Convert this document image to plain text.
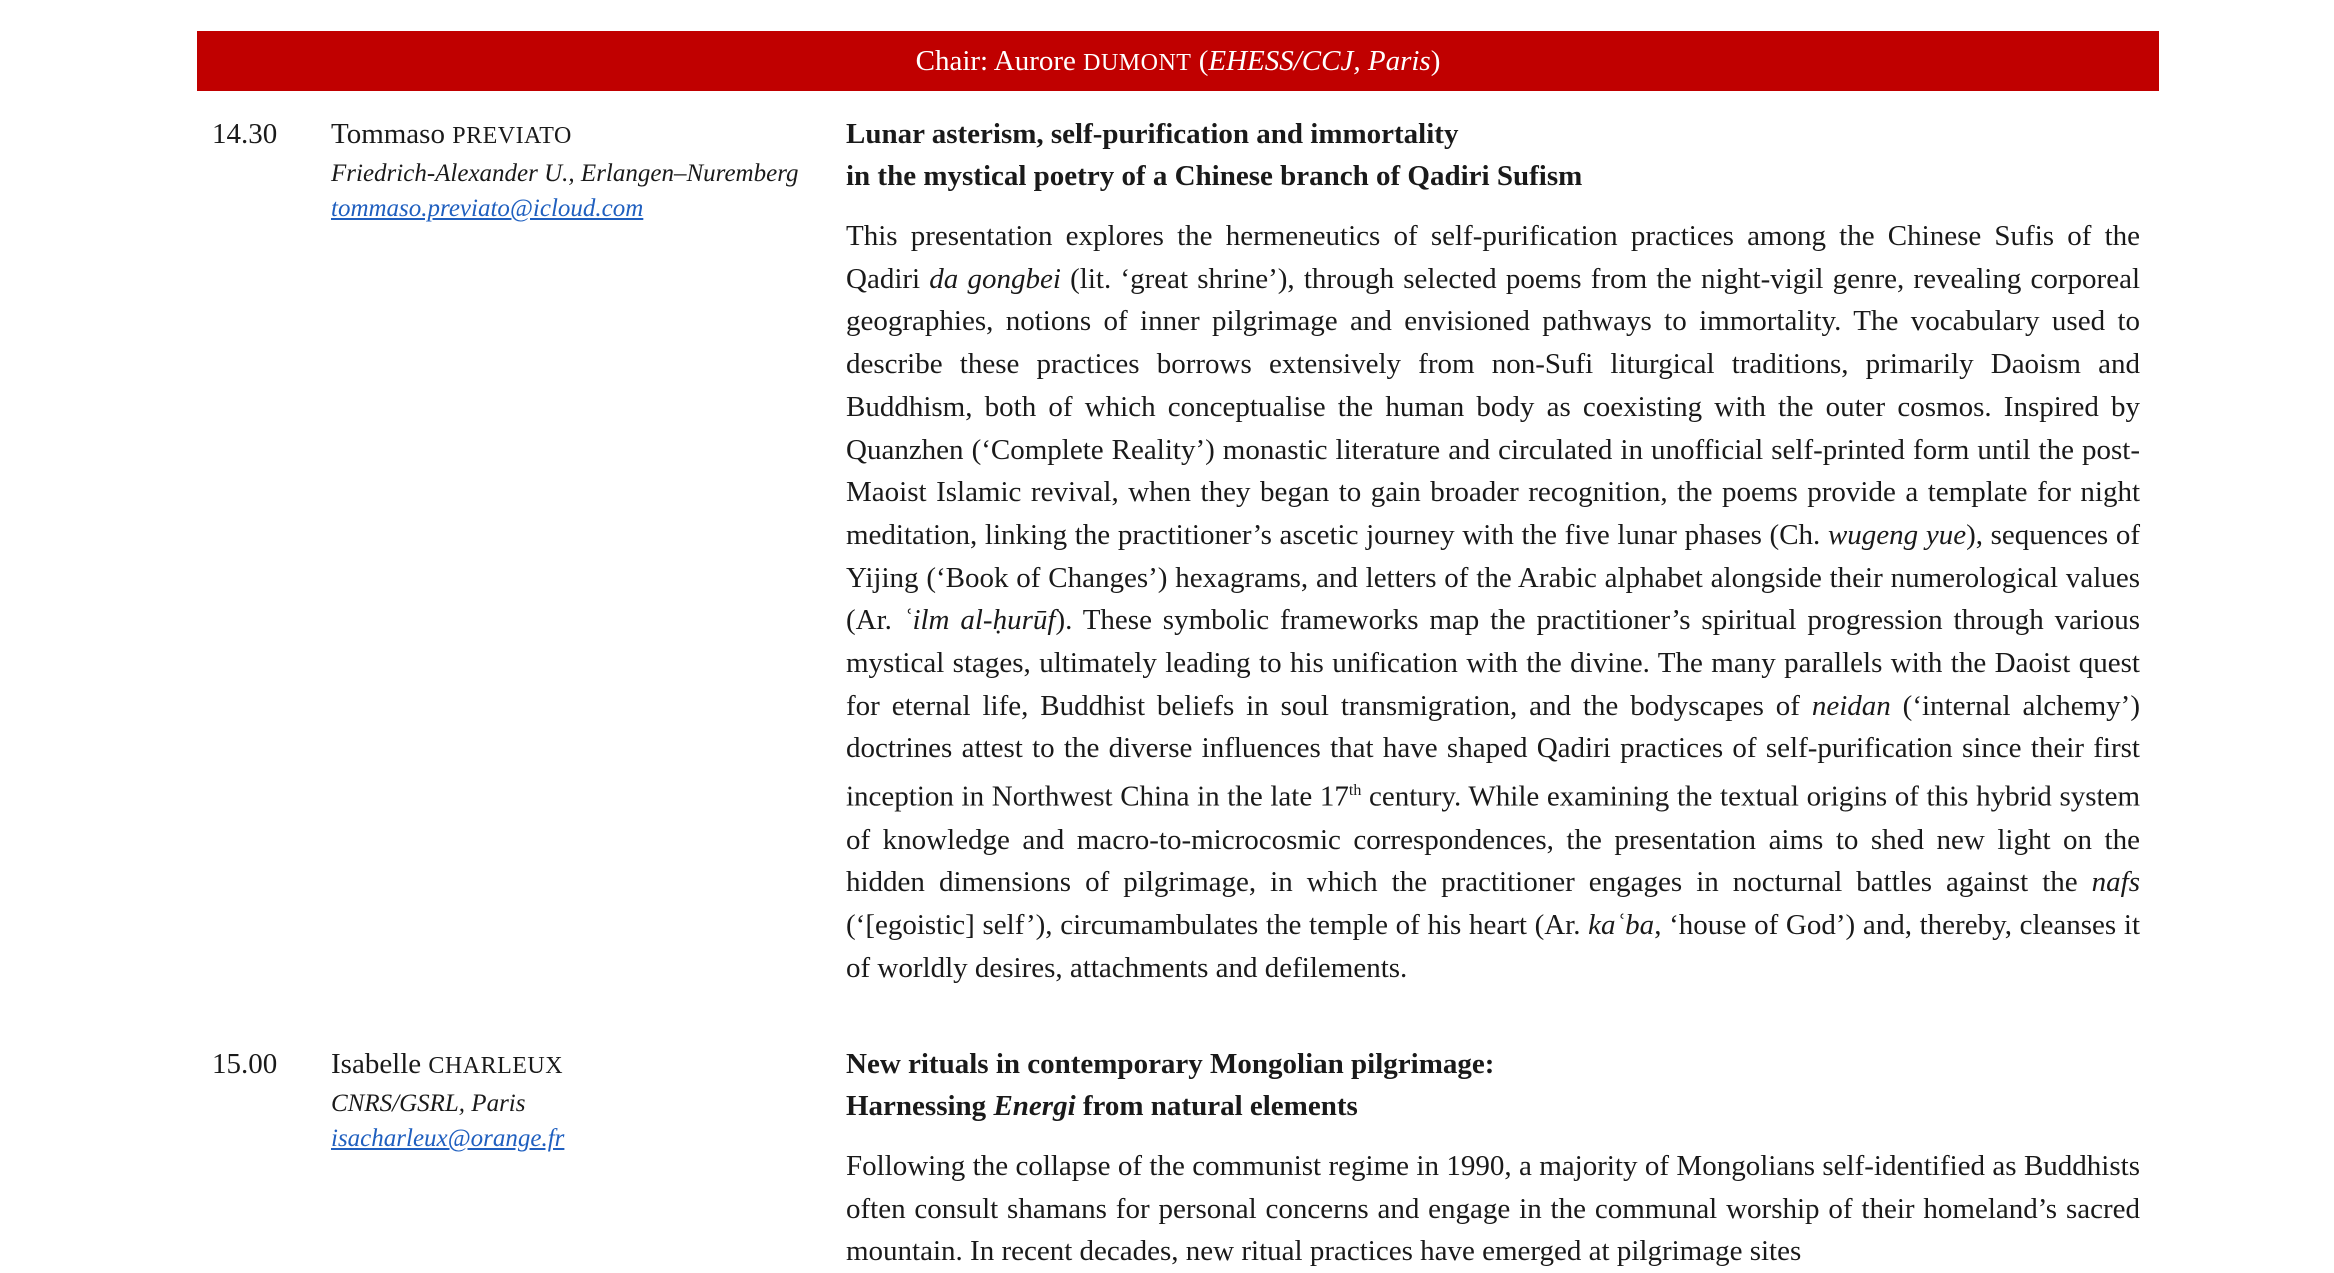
Chair: Aurore DUMONT (EHESS/CCJ, Paris)
14.30 Tommaso PREVIATO
Friedrich-Alexander U., Erlangen–Nuremberg
tommaso.previato@icloud.com
Lunar asterism, self-purification and immortality
in the mystical poetry of a Chinese branch of Qadiri Sufism

This presentation explores the hermeneutics of self-purification practices among the Chinese Sufis of the Qadiri da gongbei (lit. ‘great shrine’), through selected poems from the night-vigil genre, revealing corporeal geographies, notions of inner pilgrimage and envisioned pathways to immortality. The vocabulary used to describe these practices borrows extensively from non-Sufi liturgical traditions, primarily Daoism and Buddhism, both of which conceptualise the human body as coexisting with the outer cosmos. Inspired by Quanzhen (‘Complete Reality’) monastic literature and circulated in unofficial self-printed form until the post-Maoist Islamic revival, when they began to gain broader recognition, the poems provide a template for night meditation, linking the practitioner’s ascetic journey with the five lunar phases (Ch. wugeng yue), sequences of Yijing (‘Book of Changes’) hexagrams, and letters of the Arabic alphabet alongside their numerological values (Ar. ʿilm al-ḥurūf). These symbolic frameworks map the practitioner’s spiritual progression through various mystical stages, ultimately leading to his unification with the divine. The many parallels with the Daoist quest for eternal life, Buddhist beliefs in soul transmigration, and the bodyscapes of neidan (‘internal alchemy’) doctrines attest to the diverse influences that have shaped Qadiri practices of self-purification since their first inception in Northwest China in the late 17th century. While examining the textual origins of this hybrid system of knowledge and macro-to-microcosmic correspondences, the presentation aims to shed new light on the hidden dimensions of pilgrimage, in which the practitioner engages in nocturnal battles against the nafs (‘[egoistic] self’), circumambulates the temple of his heart (Ar. kaʿba, ‘house of God’) and, thereby, cleanses it of worldly desires, attachments and defilements.

15.00 Isabelle CHARLEUX
CNRS/GSRL, Paris
isacharleux@orange.fr
New rituals in contemporary Mongolian pilgrimage:
Harnessing Energi from natural elements

Following the collapse of the communist regime in 1990, a majority of Mongolians self-identified as Buddhists often consult shamans for personal concerns and engage in the communal worship of their homeland’s sacred mountain. In recent decades, new ritual practices have emerged at pilgrimage sites
